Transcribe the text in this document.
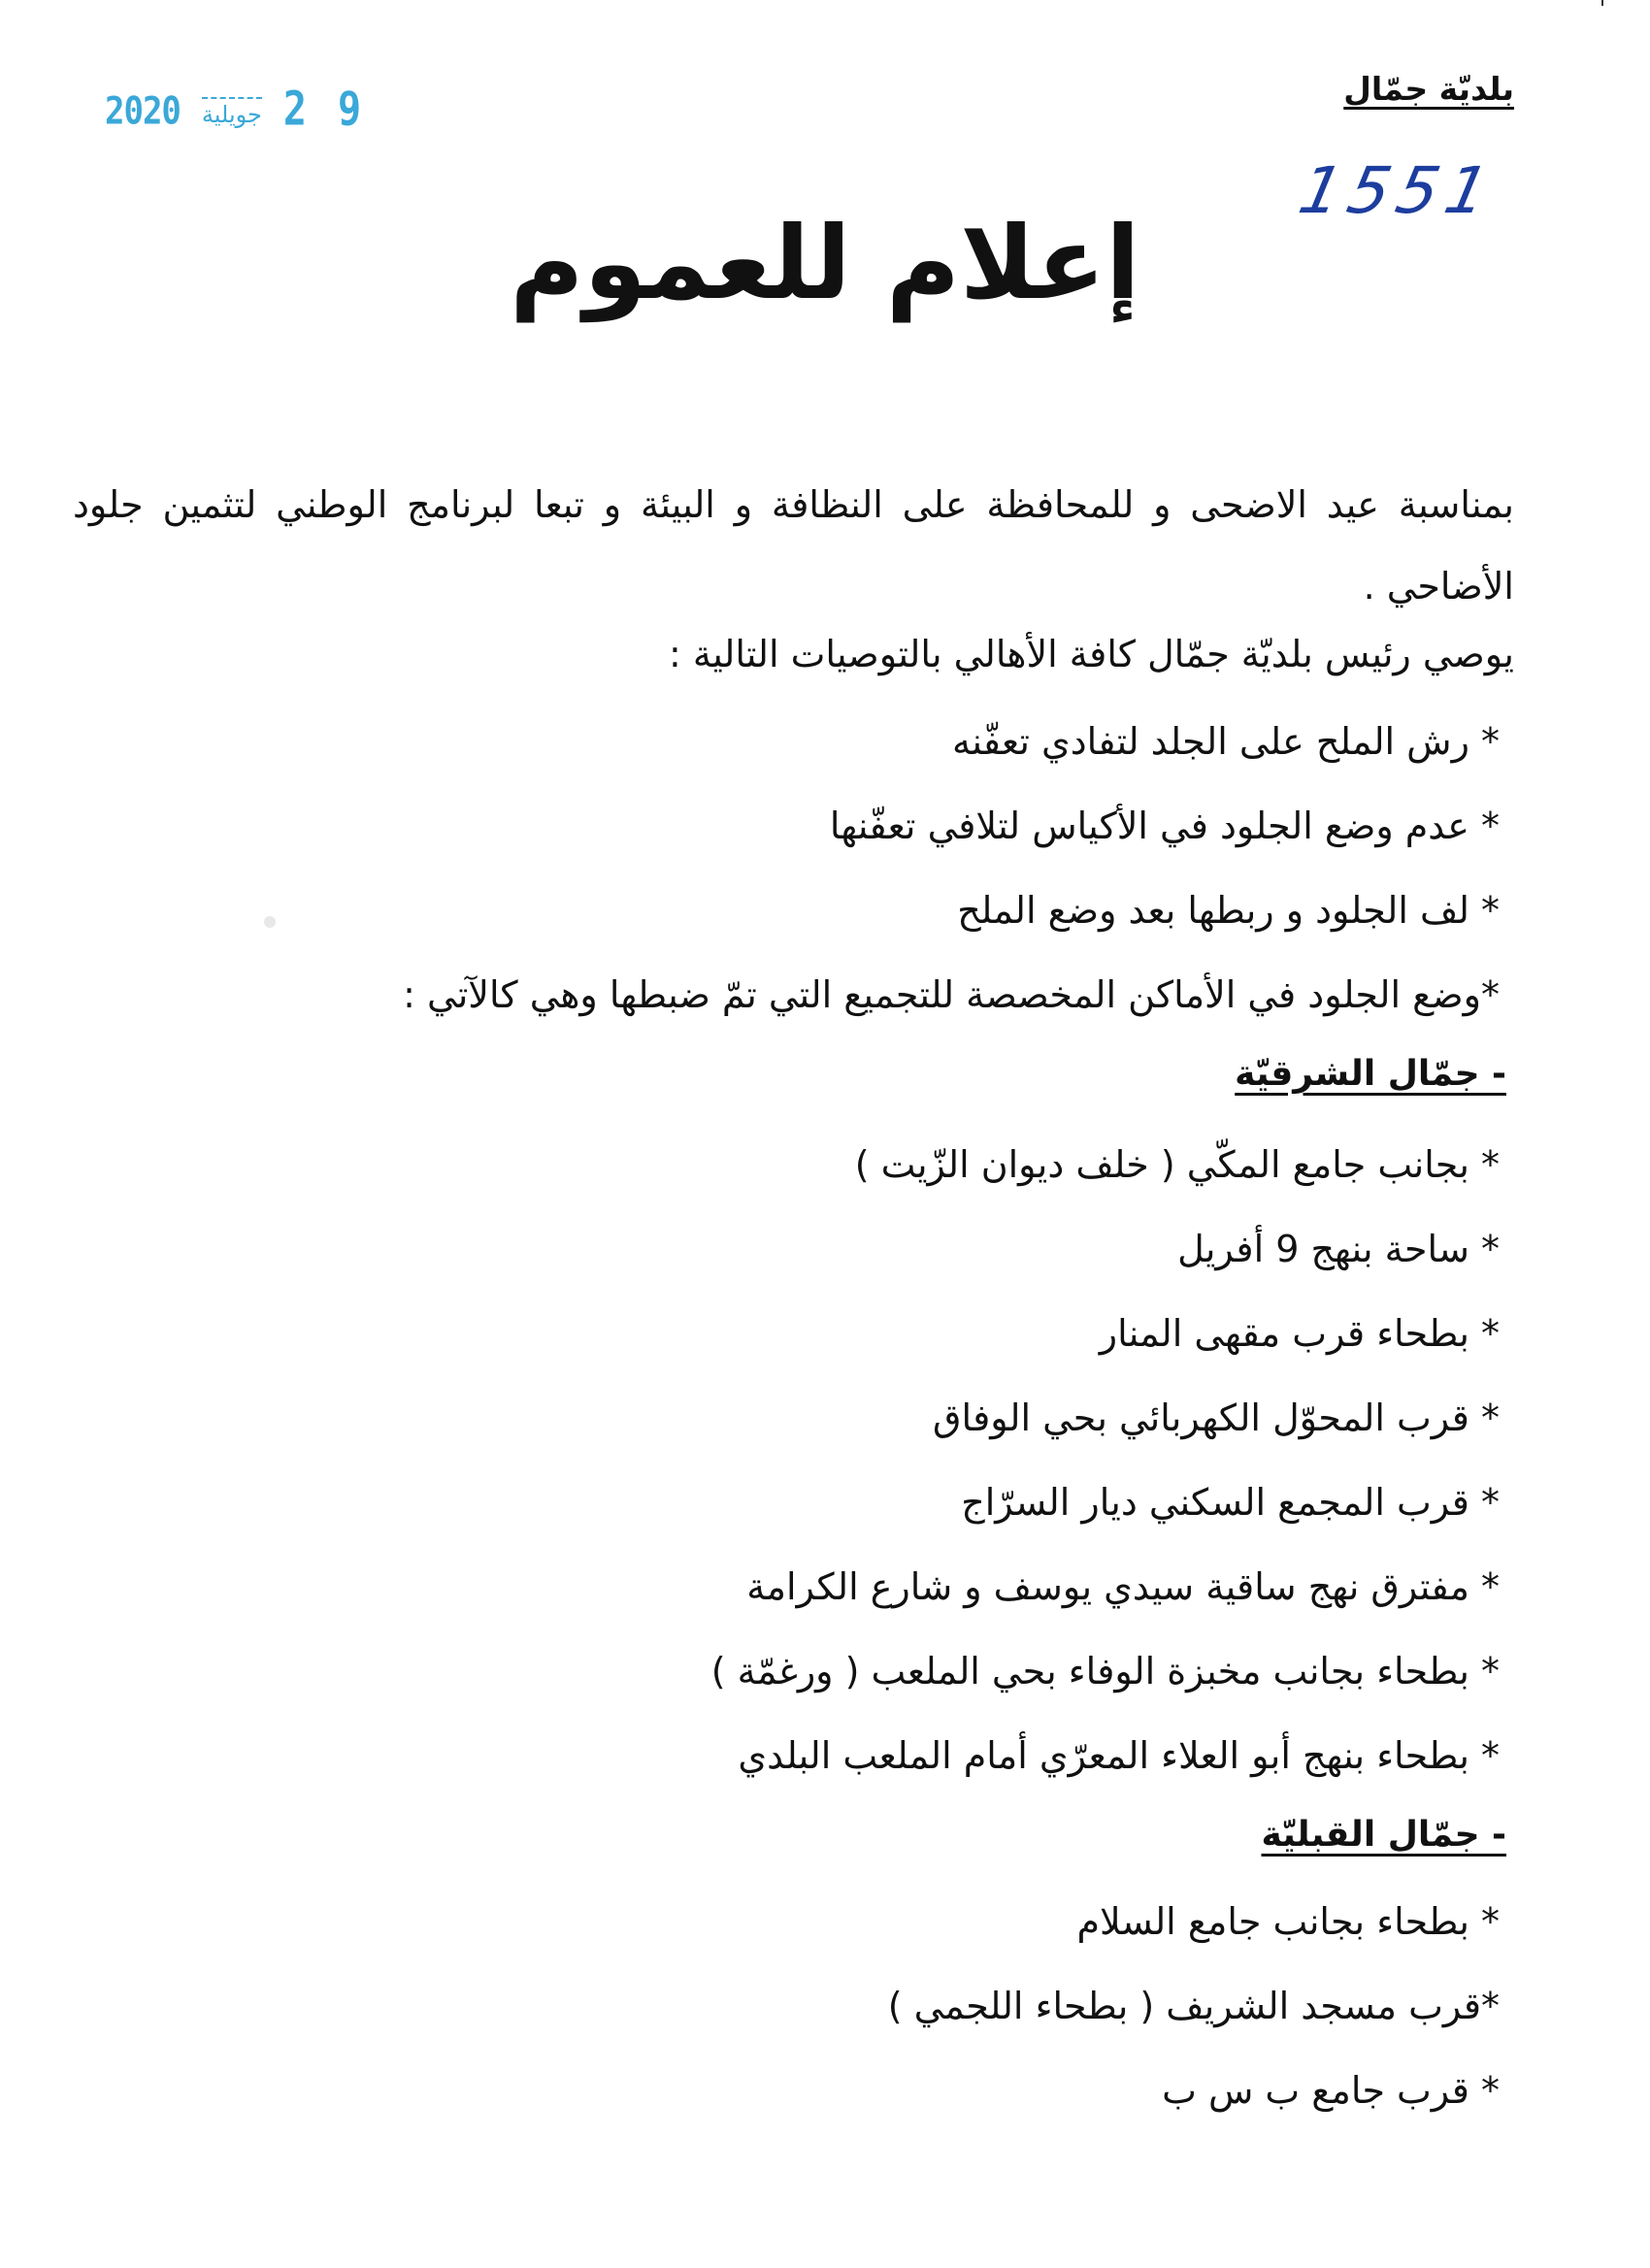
بلديّة جمّال
2020 جويلية 2 9
1551
إعلام للعموم
بمناسبة عيد الاضحى و للمحافظة على النظافة و البيئة و تبعا لبرنامج الوطني لتثمين جلود الأضاحي .
يوصي رئيس بلديّة جمّال كافة الأهالي بالتوصيات التالية :
* رش الملح على الجلد لتفادي تعفّنه
* عدم وضع الجلود في الأكياس لتلافي تعفّنها
* لف الجلود و ربطها بعد وضع الملح
*وضع الجلود في الأماكن المخصصة للتجميع التي تمّ ضبطها وهي كالآتي :
- جمّال الشرقيّة
* بجانب جامع المكّي ( خلف ديوان الزّيت )
* ساحة بنهج 9 أفريل
* بطحاء قرب مقهى المنار
* قرب المحوّل الكهربائي بحي الوفاق
* قرب المجمع السكني ديار السرّاج
* مفترق نهج ساقية سيدي يوسف و شارع الكرامة
* بطحاء بجانب مخبزة الوفاء بحي الملعب ( ورغمّة )
* بطحاء بنهج أبو العلاء المعرّي أمام الملعب البلدي
- جمّال القبليّة
* بطحاء بجانب جامع السلام
*قرب مسجد الشريف ( بطحاء اللجمي )
* قرب جامع ب س ب
